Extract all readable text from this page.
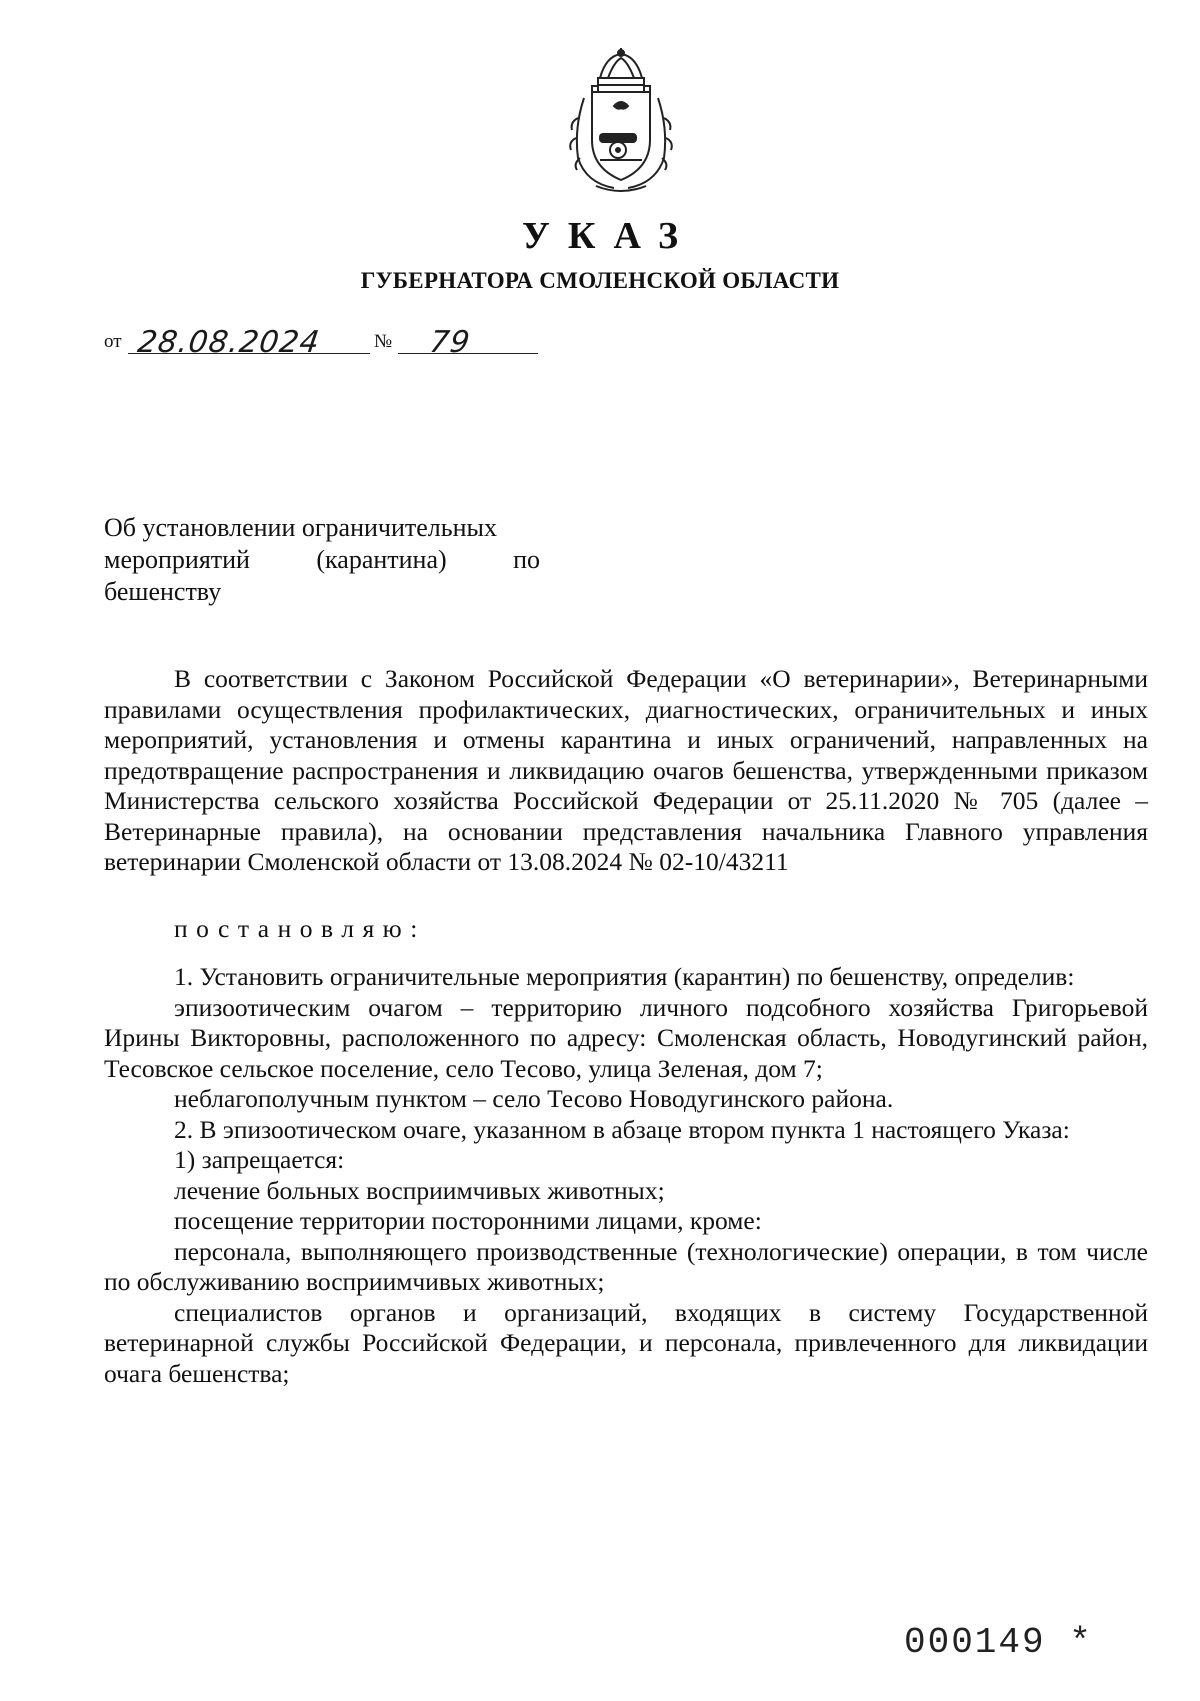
УКАЗ
ГУБЕРНАТОРА СМОЛЕНСКОЙ ОБЛАСТИ
от 28.08.2024	№ 79
Об установлении ограничительных
мероприятий (карантина) по
бешенству

В соответствии с Законом Российской Федерации «О ветеринарии», Ветеринарными правилами осуществления профилактических, диагностических, ограничительных и иных мероприятий, установления и отмены карантина и иных ограничений, направленных на предотвращение распространения и ликвидацию очагов бешенства, утвержденными приказом Министерства сельского хозяйства Российской Федерации от 25.11.2020 № 705 (далее – Ветеринарные правила), на основании представления начальника Главного управления ветеринарии Смоленской области от 13.08.2024 № 02-10/43211

постановляю:

1. Установить ограничительные мероприятия (карантин) по бешенству, определив:

эпизоотическим очагом – территорию личного подсобного хозяйства Григорьевой Ирины Викторовны, расположенного по адресу: Смоленская область, Новодугинский район, Тесовское сельское поселение, село Тесово, улица Зеленая, дом 7;

неблагополучным пунктом – село Тесово Новодугинского района.

2. В эпизоотическом очаге, указанном в абзаце втором пункта 1 настоящего Указа:

1) запрещается:

лечение больных восприимчивых животных;

посещение территории посторонними лицами, кроме:

персонала, выполняющего производственные (технологические) операции, в том числе по обслуживанию восприимчивых животных;

специалистов органов и организаций, входящих в систему Государственной ветеринарной службы Российской Федерации, и персонала, привлеченного для ликвидации очага бешенства;

000149 *
